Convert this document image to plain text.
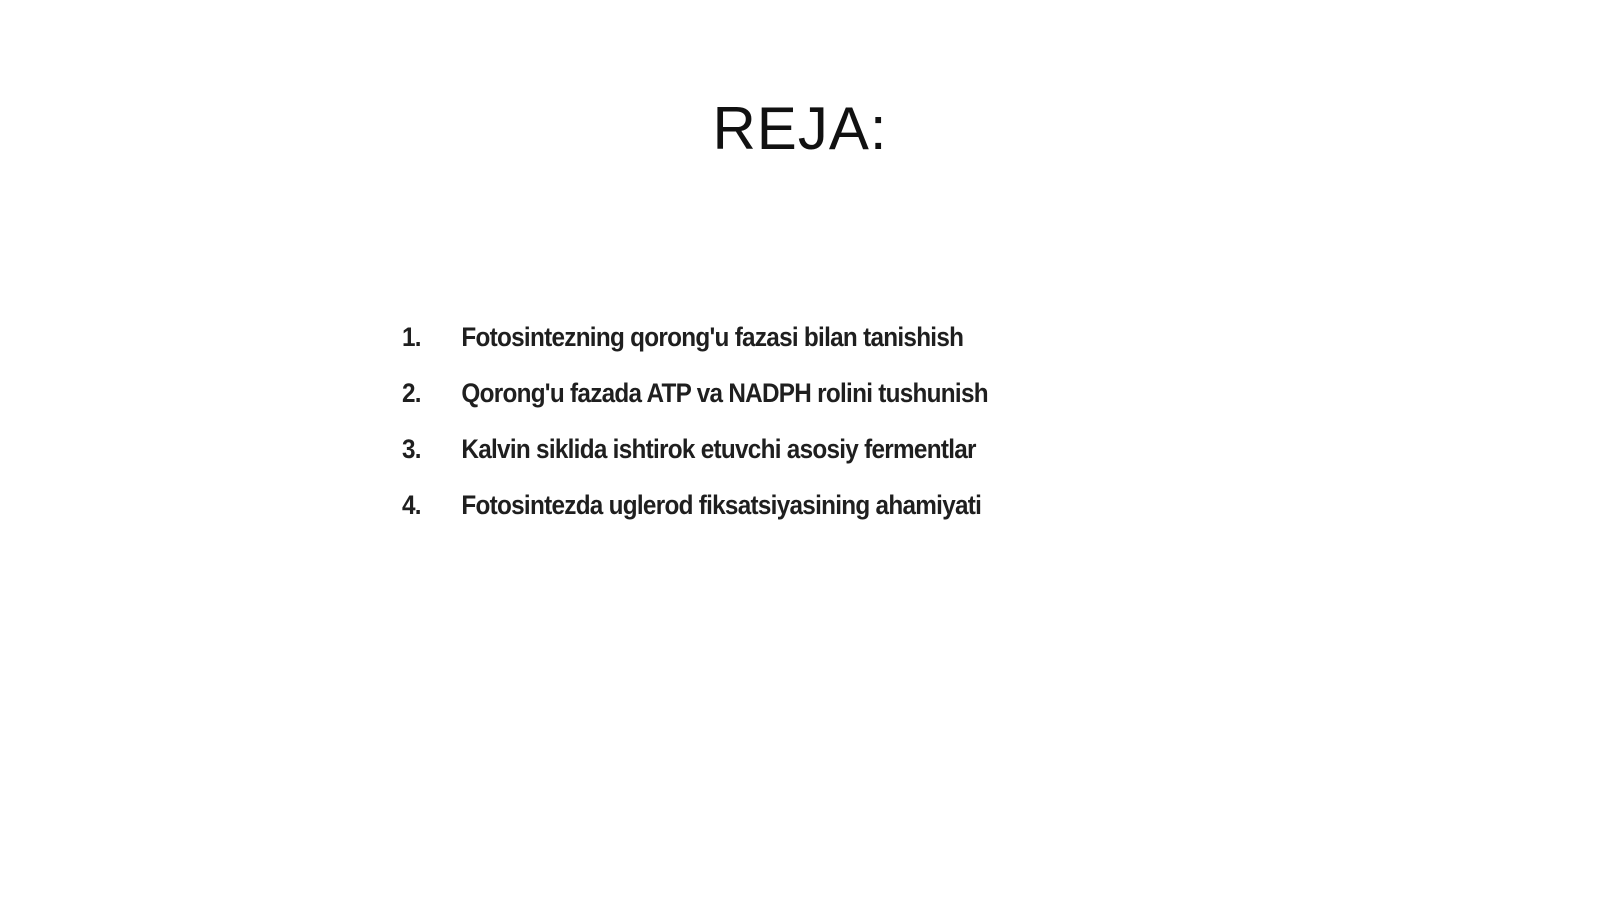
REJA:
1.	Fotosintezning qorong'u fazasi bilan tanishish
2.	Qorong'u fazada ATP va NADPH rolini tushunish
3.	Kalvin siklida ishtirok etuvchi asosiy fermentlar
4.	Fotosintezda uglerod fiksatsiyasining ahamiyati
